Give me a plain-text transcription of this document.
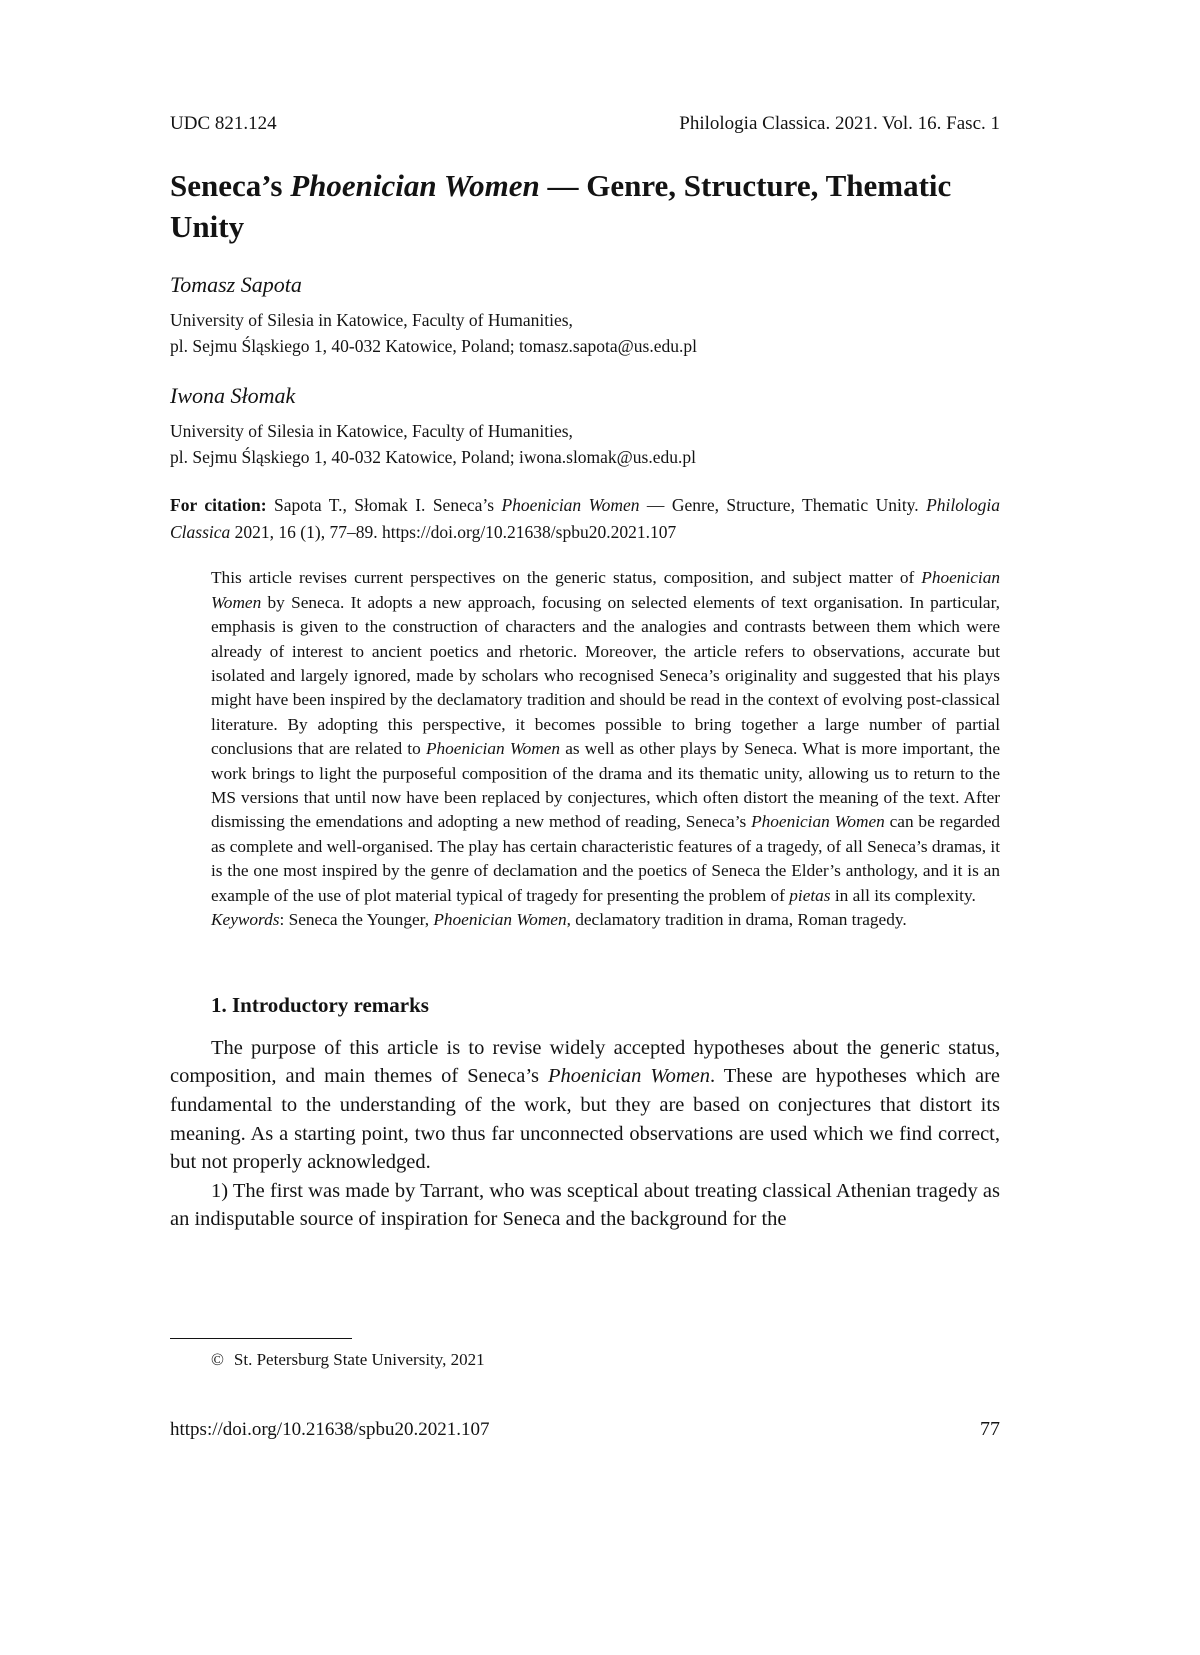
UDC 821.124	Philologia Classica. 2021. Vol. 16. Fasc. 1
Seneca’s Phoenician Women — Genre, Structure, Thematic Unity

Tomasz Sapota

University of Silesia in Katowice, Faculty of Humanities,
pl. Sejmu Śląskiego 1, 40-032 Katowice, Poland; tomasz.sapota@us.edu.pl

Iwona Słomak

University of Silesia in Katowice, Faculty of Humanities,
pl. Sejmu Śląskiego 1, 40-032 Katowice, Poland; iwona.slomak@us.edu.pl

For citation: Sapota T., Słomak I. Seneca’s Phoenician Women — Genre, Structure, Thematic Unity. Philologia Classica 2021, 16 (1), 77–89. https://doi.org/10.21638/spbu20.2021.107

This article revises current perspectives on the generic status, composition, and subject matter of Phoenician Women by Seneca. It adopts a new approach, focusing on selected elements of text organisation. In particular, emphasis is given to the construction of characters and the analogies and contrasts between them which were already of interest to ancient poetics and rhetoric. Moreover, the article refers to observations, accurate but isolated and largely ignored, made by scholars who recognised Seneca’s originality and suggested that his plays might have been inspired by the declamatory tradition and should be read in the context of evolving post-classical literature. By adopting this perspective, it becomes possible to bring together a large number of partial conclusions that are related to Phoenician Women as well as other plays by Seneca. What is more important, the work brings to light the purposeful composition of the drama and its thematic unity, allowing us to return to the MS versions that until now have been replaced by conjectures, which often distort the meaning of the text. After dismissing the emendations and adopting a new method of reading, Seneca’s Phoenician Women can be regarded as complete and well-organised. The play has certain characteristic features of a tragedy, of all Seneca’s dramas, it is the one most inspired by the genre of declamation and the poetics of Seneca the Elder’s anthology, and it is an example of the use of plot material typical of tragedy for presenting the problem of pietas in all its complexity.

Keywords: Seneca the Younger, Phoenician Women, declamatory tradition in drama, Roman tragedy.

1. Introductory remarks

The purpose of this article is to revise widely accepted hypotheses about the generic status, composition, and main themes of Seneca’s Phoenician Women. These are hypotheses which are fundamental to the understanding of the work, but they are based on conjectures that distort its meaning. As a starting point, two thus far unconnected observations are used which we find correct, but not properly acknowledged.

1) The first was made by Tarrant, who was sceptical about treating classical Athenian tragedy as an indisputable source of inspiration for Seneca and the background for the

© St. Petersburg State University, 2021

https://doi.org/10.21638/spbu20.2021.107	77
